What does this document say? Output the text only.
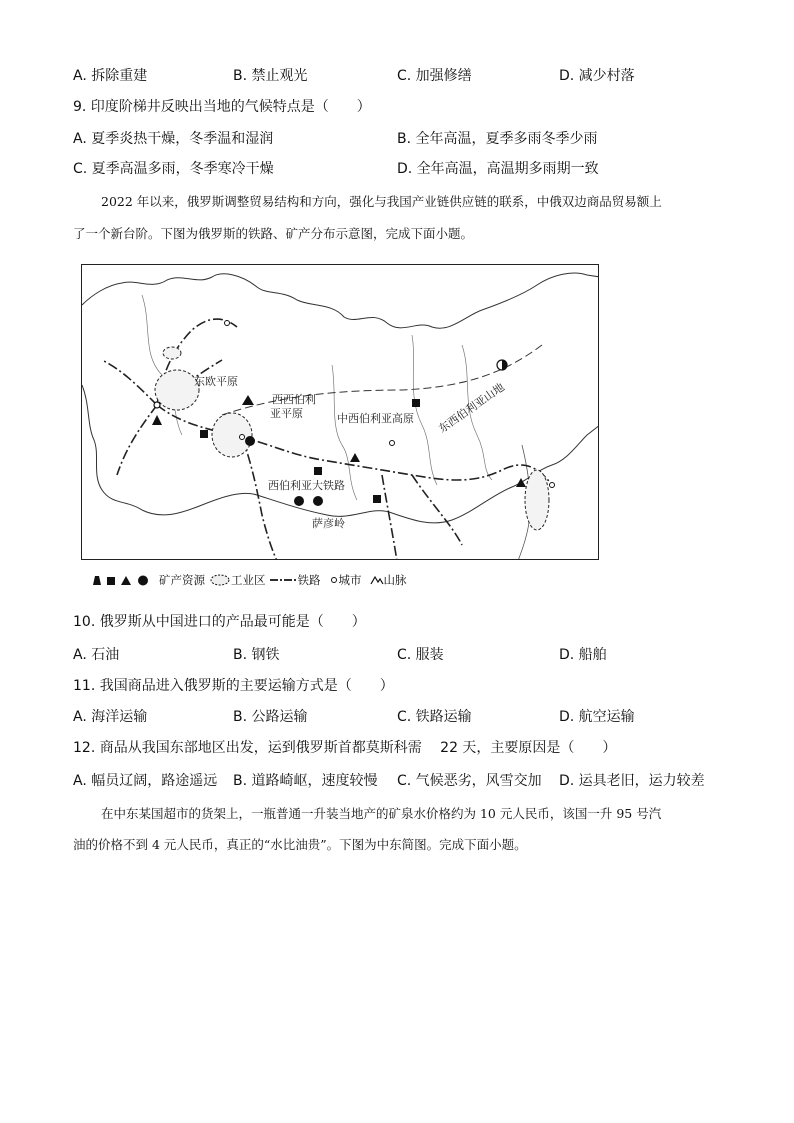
A. 拆除重建	B. 禁止观光	C. 加强修缮	D. 减少村落
9. 印度阶梯井反映出当地的气候特点是（　　）
A. 夏季炎热干燥，冬季温和湿润	B. 全年高温，夏季多雨冬季少雨
C. 夏季高温多雨，冬季寒冷干燥	D. 全年高温，高温期多雨期一致
2022 年以来，俄罗斯调整贸易结构和方向，强化与我国产业链供应链的联系，中俄双边商品贸易额上
了一个新台阶。下图为俄罗斯的铁路、矿产分布示意图，完成下面小题。
东欧平原
西西伯利
亚平原	中西伯利亚高原 东西伯利亚山地
西伯利亚大铁路
萨彦岭
矿产资源 工业区	铁路 城市 山脉
10. 俄罗斯从中国进口的产品最可能是（　　）
A. 石油	B. 钢铁	C. 服装	D. 船舶
11. 我国商品进入俄罗斯的主要运输方式是（　　）
A. 海洋运输	B. 公路运输	C. 铁路运输	D. 航空运输
12. 商品从我国东部地区出发，运到俄罗斯首都莫斯科需　 22 天，主要原因是（　　）
A. 幅员辽阔，路途遥远 B. 道路崎岖，速度较慢 C. 气候恶劣，风雪交加 D. 运具老旧，运力较差
在中东某国超市的货架上，一瓶普通一升装当地产的矿泉水价格约为 10 元人民币，该国一升 95 号汽
油的价格不到 4 元人民币，真正的“水比油贵”。下图为中东简图。完成下面小题。
